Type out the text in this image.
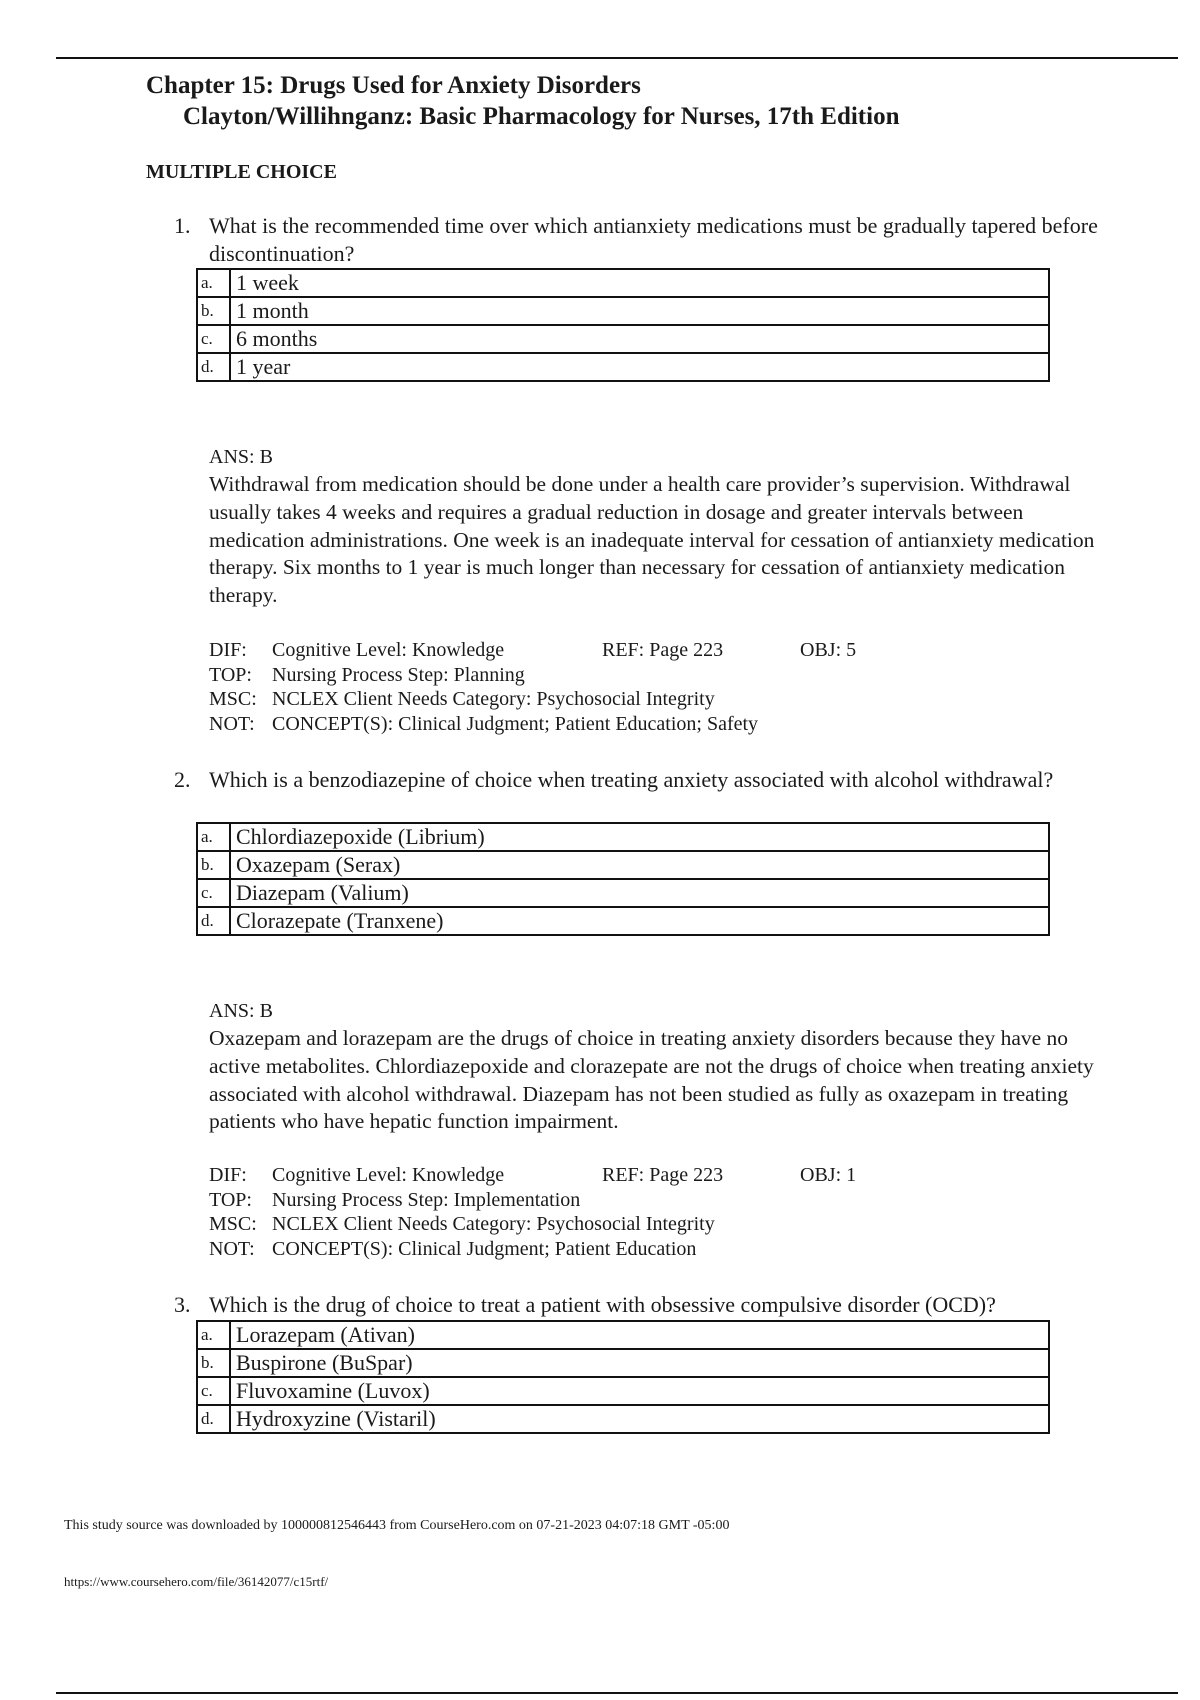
Chapter 15: Drugs Used for Anxiety Disorders
Clayton/Willihnganz: Basic Pharmacology for Nurses, 17th Edition
MULTIPLE CHOICE
1. What is the recommended time over which antianxiety medications must be gradually tapered before discontinuation?
a.	1 week
b.	1 month
c.	6 months
d.	1 year
ANS: B
Withdrawal from medication should be done under a health care provider’s supervision. Withdrawal usually takes 4 weeks and requires a gradual reduction in dosage and greater intervals between medication administrations. One week is an inadequate interval for cessation of antianxiety medication therapy. Six months to 1 year is much longer than necessary for cessation of antianxiety medication therapy.
DIF: Cognitive Level: Knowledge	REF: Page 223	OBJ: 5
TOP: Nursing Process Step: Planning
MSC: NCLEX Client Needs Category: Psychosocial Integrity
NOT: CONCEPT(S): Clinical Judgment; Patient Education; Safety
2. Which is a benzodiazepine of choice when treating anxiety associated with alcohol withdrawal?
a.	Chlordiazepoxide (Librium)
b.	Oxazepam (Serax)
c.	Diazepam (Valium)
d.	Clorazepate (Tranxene)
ANS: B
Oxazepam and lorazepam are the drugs of choice in treating anxiety disorders because they have no active metabolites. Chlordiazepoxide and clorazepate are not the drugs of choice when treating anxiety associated with alcohol withdrawal. Diazepam has not been studied as fully as oxazepam in treating patients who have hepatic function impairment.
DIF: Cognitive Level: Knowledge	REF: Page 223	OBJ: 1
TOP: Nursing Process Step: Implementation
MSC: NCLEX Client Needs Category: Psychosocial Integrity
NOT: CONCEPT(S): Clinical Judgment; Patient Education
3. Which is the drug of choice to treat a patient with obsessive compulsive disorder (OCD)?
a.	Lorazepam (Ativan)
b.	Buspirone (BuSpar)
c.	Fluvoxamine (Luvox)
d.	Hydroxyzine (Vistaril)
This study source was downloaded by 100000812546443 from CourseHero.com on 07-21-2023 04:07:18 GMT -05:00
https://www.coursehero.com/file/36142077/c15rtf/
